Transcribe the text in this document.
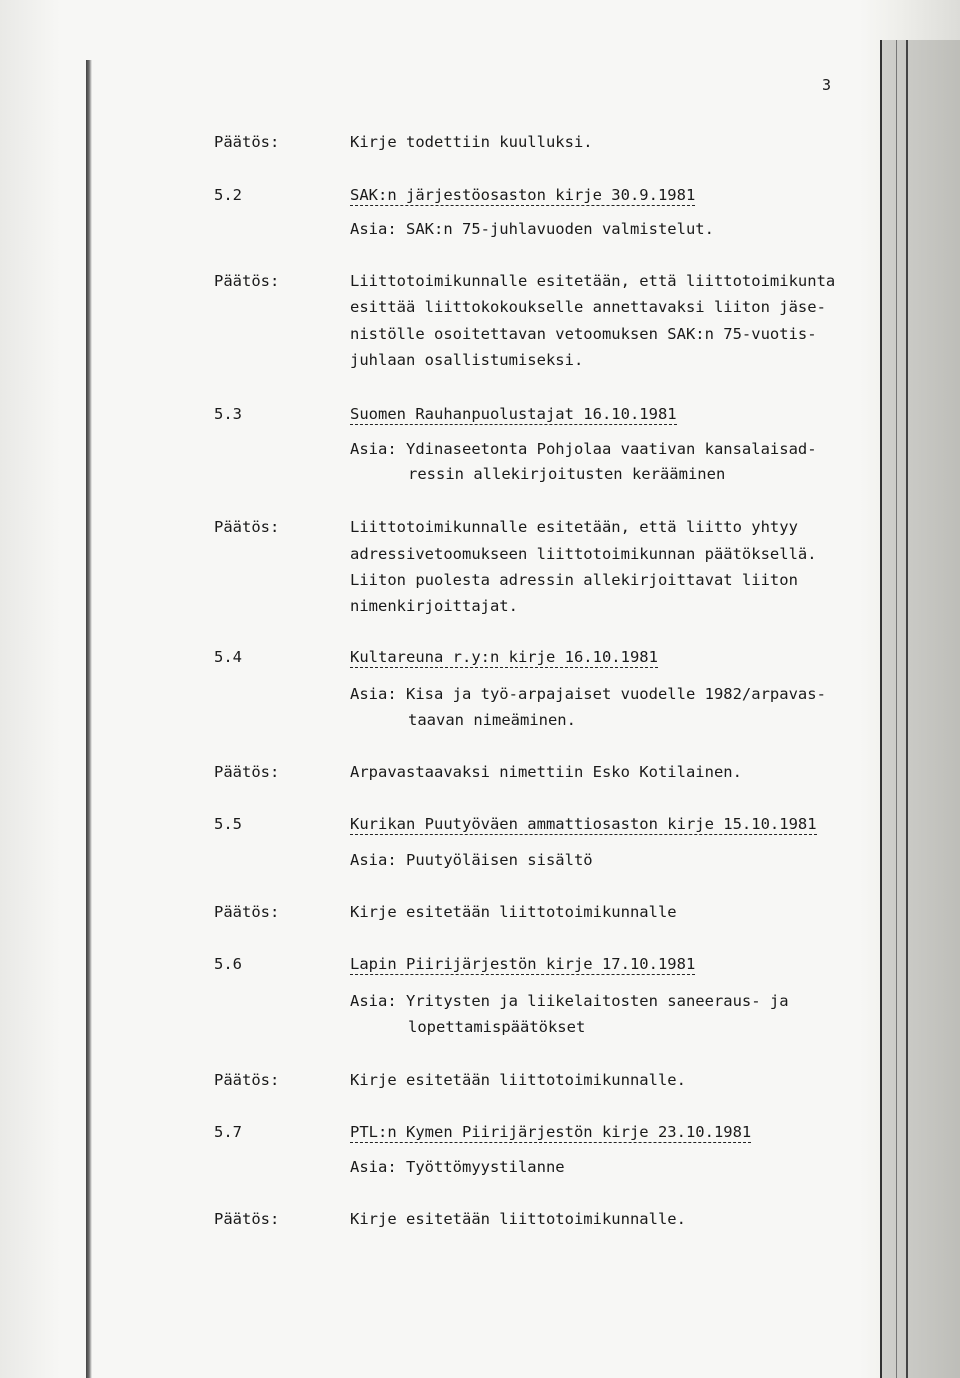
3
Päätös:	Kirje todettiin kuulluksi.
5.2	SAK:n järjestöosaston kirje 30.9.1981
Asia: SAK:n 75-juhlavuoden valmistelut.
Päätös:	Liittotoimikunnalle esitetään, että liittotoimikunta
esittää liittokokoukselle annettavaksi liiton jäse-
nistölle osoitettavan vetoomuksen SAK:n 75-vuotis-
juhlaan osallistumiseksi.
5.3	Suomen Rauhanpuolustajat 16.10.1981
Asia: Ydinaseetonta Pohjolaa vaativan kansalaisad-
ressin allekirjoitusten kerääminen
Päätös:	Liittotoimikunnalle esitetään, että liitto yhtyy
adressivetoomukseen liittotoimikunnan päätöksellä.
Liiton puolesta adressin allekirjoittavat liiton
nimenkirjoittajat.
5.4	Kultareuna r.y:n kirje 16.10.1981
Asia: Kisa ja työ-arpajaiset vuodelle 1982/arpavas-
taavan nimeäminen.
Päätös:	Arpavastaavaksi nimettiin Esko Kotilainen.
5.5	Kurikan Puutyöväen ammattiosaston kirje 15.10.1981
Asia: Puutyöläisen sisältö
Päätös:	Kirje esitetään liittotoimikunnalle
5.6	Lapin Piirijärjestön kirje 17.10.1981
Asia: Yritysten ja liikelaitosten saneeraus- ja
lopettamispäätökset
Päätös:	Kirje esitetään liittotoimikunnalle.
5.7	PTL:n Kymen Piirijärjestön kirje 23.10.1981
Asia: Työttömyystilanne
Päätös:	Kirje esitetään liittotoimikunnalle.
